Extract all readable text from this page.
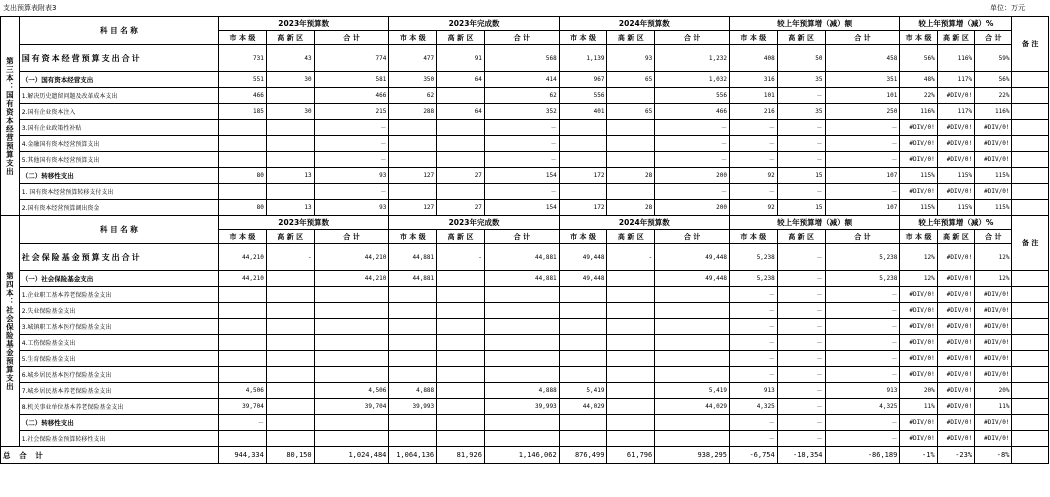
支出预算表附表3	单位：万元
第三本：国有资本经营预算支出	科 目 名 称	2023年预算数			2023年完成数			2024年预算数			较上年预算增（减）额			较上年预算增（减）%			备 注
		市 本 级	高 新 区	合 计	市 本 级	高 新 区	合 计	市 本 级	高 新 区	合 计	市 本 级	高 新 区	合 计	市 本 级	高 新 区	合 计	
	国有资本经营预算支出合计	731	43	774	477	91	568	1,139	93	1,232	408	50	458	56%	116%	59%	
	（一）国有资本经营支出	551	30	581	350	64	414	967	65	1,032	316	35	351	48%	117%	56%	
	1.解决历史遗留问题及改革成本支出	466		466	62		62	556		556	101	－	101	22%	#DIV/0!	22%	
	2.国有企业资本注入	185	30	215	288	64	352	401	65	466	216	35	250	116%	117%	116%	
	3.国有企业政策性补贴			－			－			－	－	－	－	#DIV/0!	#DIV/0!	#DIV/0!	
	4.金融国有资本经营预算支出			－			－			－	－	－	－	#DIV/0!	#DIV/0!	#DIV/0!	
	5.其他国有资本经营预算支出			－			－			－	－	－	－	#DIV/0!	#DIV/0!	#DIV/0!	
	（二）转移性支出	80	13	93	127	27	154	172	28	200	92	15	107	115%	115%	115%	
	1. 国有资本经营预算转移支付支出			－			－			－	－	－	－	#DIV/0!	#DIV/0!	#DIV/0!	
	2.国有资本经营预算调出资金	80	13	93	127	27	154	172	28	200	92	15	107	115%	115%	115%	
第四本：社会保险基金预算支出	科 目 名 称	2023年预算数			2023年完成数			2024年预算数			较上年预算增（减）额			较上年预算增（减）%			备 注
		市 本 级	高 新 区	合 计	市 本 级	高 新 区	合 计	市 本 级	高 新 区	合 计	市 本 级	高 新 区	合 计	市 本 级	高 新 区	合 计	
	社会保险基金预算支出合计	44,210	-	44,210	44,881	-	44,881	49,448	-	49,448	5,238	－	5,238	12%	#DIV/0!	12%	
	（一）社会保险基金支出	44,210		44,210	44,881		44,881	49,448		49,448	5,238	－	5,238	12%	#DIV/0!	12%	
	1.企业职工基本养老保险基金支出										－	－	－	#DIV/0!	#DIV/0!	#DIV/0!	
	2.失业保险基金支出										－	－	－	#DIV/0!	#DIV/0!	#DIV/0!	
	3.城镇职工基本医疗保险基金支出										－	－	－	#DIV/0!	#DIV/0!	#DIV/0!	
	4.工伤保险基金支出										－	－	－	#DIV/0!	#DIV/0!	#DIV/0!	
	5.生育保险基金支出										－	－	－	#DIV/0!	#DIV/0!	#DIV/0!	
	6.城乡居民基本医疗保险基金支出										－	－	－	#DIV/0!	#DIV/0!	#DIV/0!	
	7.城乡居民基本养老保险基金支出	4,506		4,506	4,888		4,888	5,419		5,419	913	－	913	20%	#DIV/0!	20%	
	8.机关事业单位基本养老保险基金支出	39,704		39,704	39,993		39,993	44,029		44,029	4,325	－	4,325	11%	#DIV/0!	11%	
	（二）转移性支出	－									－	－	－	#DIV/0!	#DIV/0!	#DIV/0!	
	1.社会保险基金预算转移性支出										－	－	－	#DIV/0!	#DIV/0!	#DIV/0!	
总 合 计		944,334	80,150	1,024,484	1,064,136	81,926	1,146,062	876,499	61,796	938,295	-6,754	-18,354	-86,189	-1%	-23%	-8%	
